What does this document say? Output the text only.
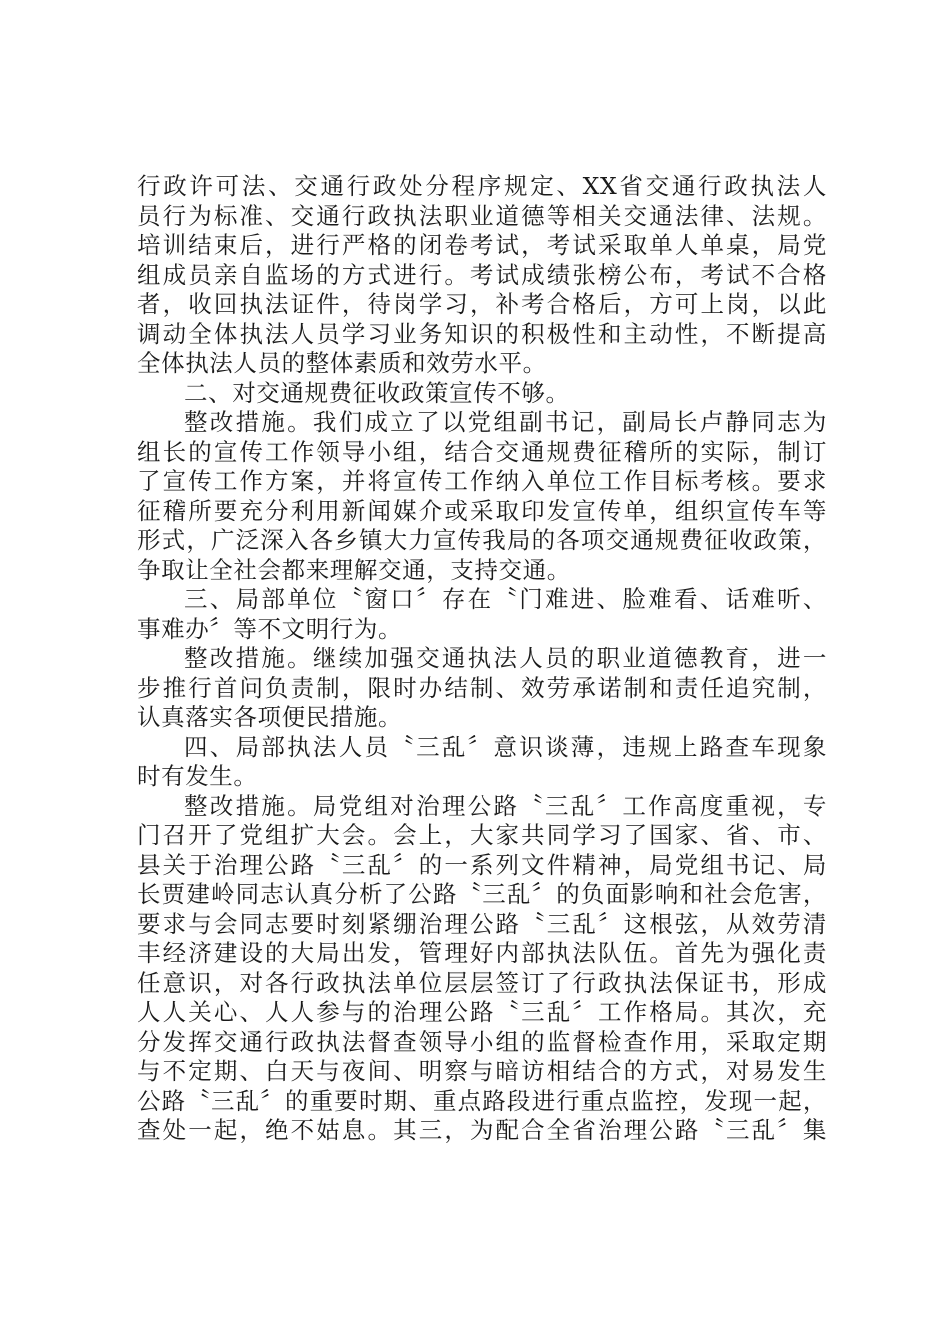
行政许可法、交通行政处分程序规定、XX省交通行政执法人
员行为标准、交通行政执法职业道德等相关交通法律、法规。
培训结束后，进行严格的闭卷考试，考试采取单人单桌，局党
组成员亲自监场的方式进行。考试成绩张榜公布，考试不合格
者，收回执法证件，待岗学习，补考合格后，方可上岗，以此
调动全体执法人员学习业务知识的积极性和主动性，不断提高
全体执法人员的整体素质和效劳水平。
二、对交通规费征收政策宣传不够。
整改措施。我们成立了以党组副书记，副局长卢静同志为
组长的宣传工作领导小组，结合交通规费征稽所的实际，制订
了宣传工作方案，并将宣传工作纳入单位工作目标考核。要求
征稽所要充分利用新闻媒介或采取印发宣传单，组织宣传车等
形式，广泛深入各乡镇大力宣传我局的各项交通规费征收政策，
争取让全社会都来理解交通，支持交通。
三、局部单位〝窗口〞存在〝门难进、脸难看、话难听、
事难办〞等不文明行为。
整改措施。继续加强交通执法人员的职业道德教育，进一
步推行首问负责制，限时办结制、效劳承诺制和责任追究制，
认真落实各项便民措施。
四、局部执法人员〝三乱〞意识谈薄，违规上路查车现象
时有发生。
整改措施。局党组对治理公路〝三乱〞工作高度重视，专
门召开了党组扩大会。会上，大家共同学习了国家、省、市、
县关于治理公路〝三乱〞的一系列文件精神，局党组书记、局
长贾建岭同志认真分析了公路〝三乱〞的负面影响和社会危害，
要求与会同志要时刻紧绷治理公路〝三乱〞这根弦，从效劳清
丰经济建设的大局出发，管理好内部执法队伍。首先为强化责
任意识，对各行政执法单位层层签订了行政执法保证书，形成
人人关心、人人参与的治理公路〝三乱〞工作格局。其次，充
分发挥交通行政执法督查领导小组的监督检查作用，采取定期
与不定期、白天与夜间、明察与暗访相结合的方式，对易发生
公路〝三乱〞的重要时期、重点路段进行重点监控，发现一起，
查处一起，绝不姑息。其三，为配合全省治理公路〝三乱〞集
